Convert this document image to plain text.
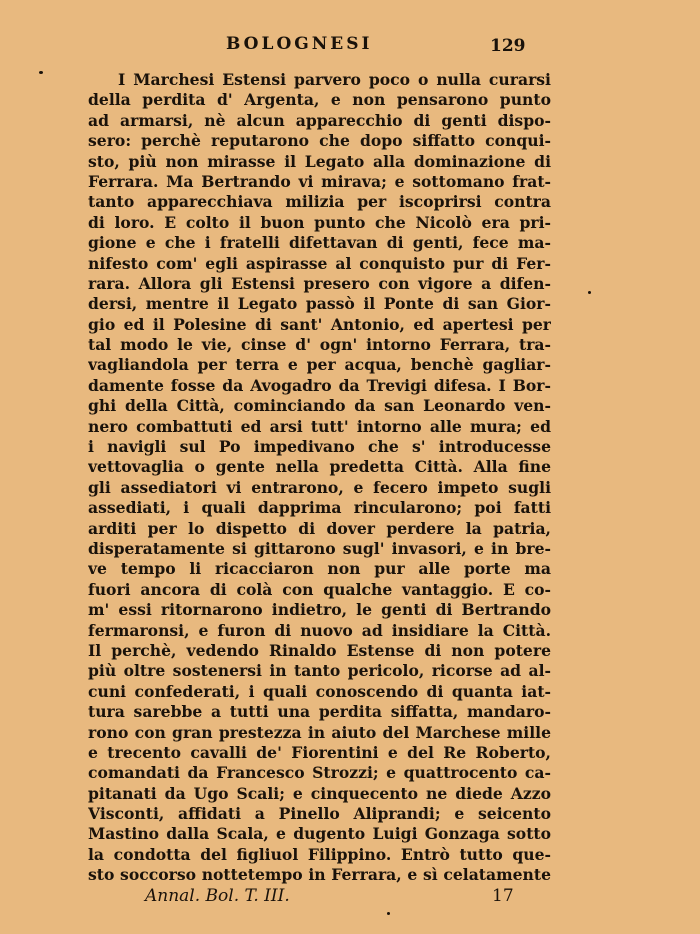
BOLOGNESI	129
I Marchesi Estensi parvero poco o nulla curarsi
della perdita d' Argenta, e non pensarono punto
ad armarsi, nè alcun apparecchio di genti dispo-
sero: perchè reputarono che dopo siffatto conqui-
sto, più non mirasse il Legato alla dominazione di
Ferrara. Ma Bertrando vi mirava; e sottomano frat-
tanto apparecchiava milizia per iscoprirsi contra
di loro. E colto il buon punto che Nicolò era pri-
gione e che i fratelli difettavan di genti, fece ma-
nifesto com' egli aspirasse al conquisto pur di Fer-
rara. Allora gli Estensi presero con vigore a difen-
dersi, mentre il Legato passò il Ponte di san Gior-
gio ed il Polesine di sant' Antonio, ed apertesi per
tal modo le vie, cinse d' ogn' intorno Ferrara, tra-
vagliandola per terra e per acqua, benchè gagliar-
damente fosse da Avogadro da Trevigi difesa. I Bor-
ghi della Città, cominciando da san Leonardo ven-
nero combattuti ed arsi tutt' intorno alle mura; ed
i navigli sul Po impedivano che s' introducesse
vettovaglia o gente nella predetta Città. Alla fine
gli assediatori vi entrarono, e fecero impeto sugli
assediati, i quali dapprima rincularono; poi fatti
arditi per lo dispetto di dover perdere la patria,
disperatamente si gittarono sugl' invasori, e in bre-
ve tempo li ricacciaron non pur alle porte ma
fuori ancora di colà con qualche vantaggio. E co-
m' essi ritornarono indietro, le genti di Bertrando
fermaronsi, e furon di nuovo ad insidiare la Città.
Il perchè, vedendo Rinaldo Estense di non potere
più oltre sostenersi in tanto pericolo, ricorse ad al-
cuni confederati, i quali conoscendo di quanta iat-
tura sarebbe a tutti una perdita siffatta, mandaro-
rono con gran prestezza in aiuto del Marchese mille
e trecento cavalli de' Fiorentini e del Re Roberto,
comandati da Francesco Strozzi; e quattrocento ca-
pitanati da Ugo Scali; e cinquecento ne diede Azzo
Visconti, affidati a Pinello Aliprandi; e seicento
Mastino dalla Scala, e dugento Luigi Gonzaga sotto
la condotta del figliuol Filippino. Entrò tutto que-
sto soccorso nottetempo in Ferrara, e sì celatamente
Annal. Bol. T. III.	17
